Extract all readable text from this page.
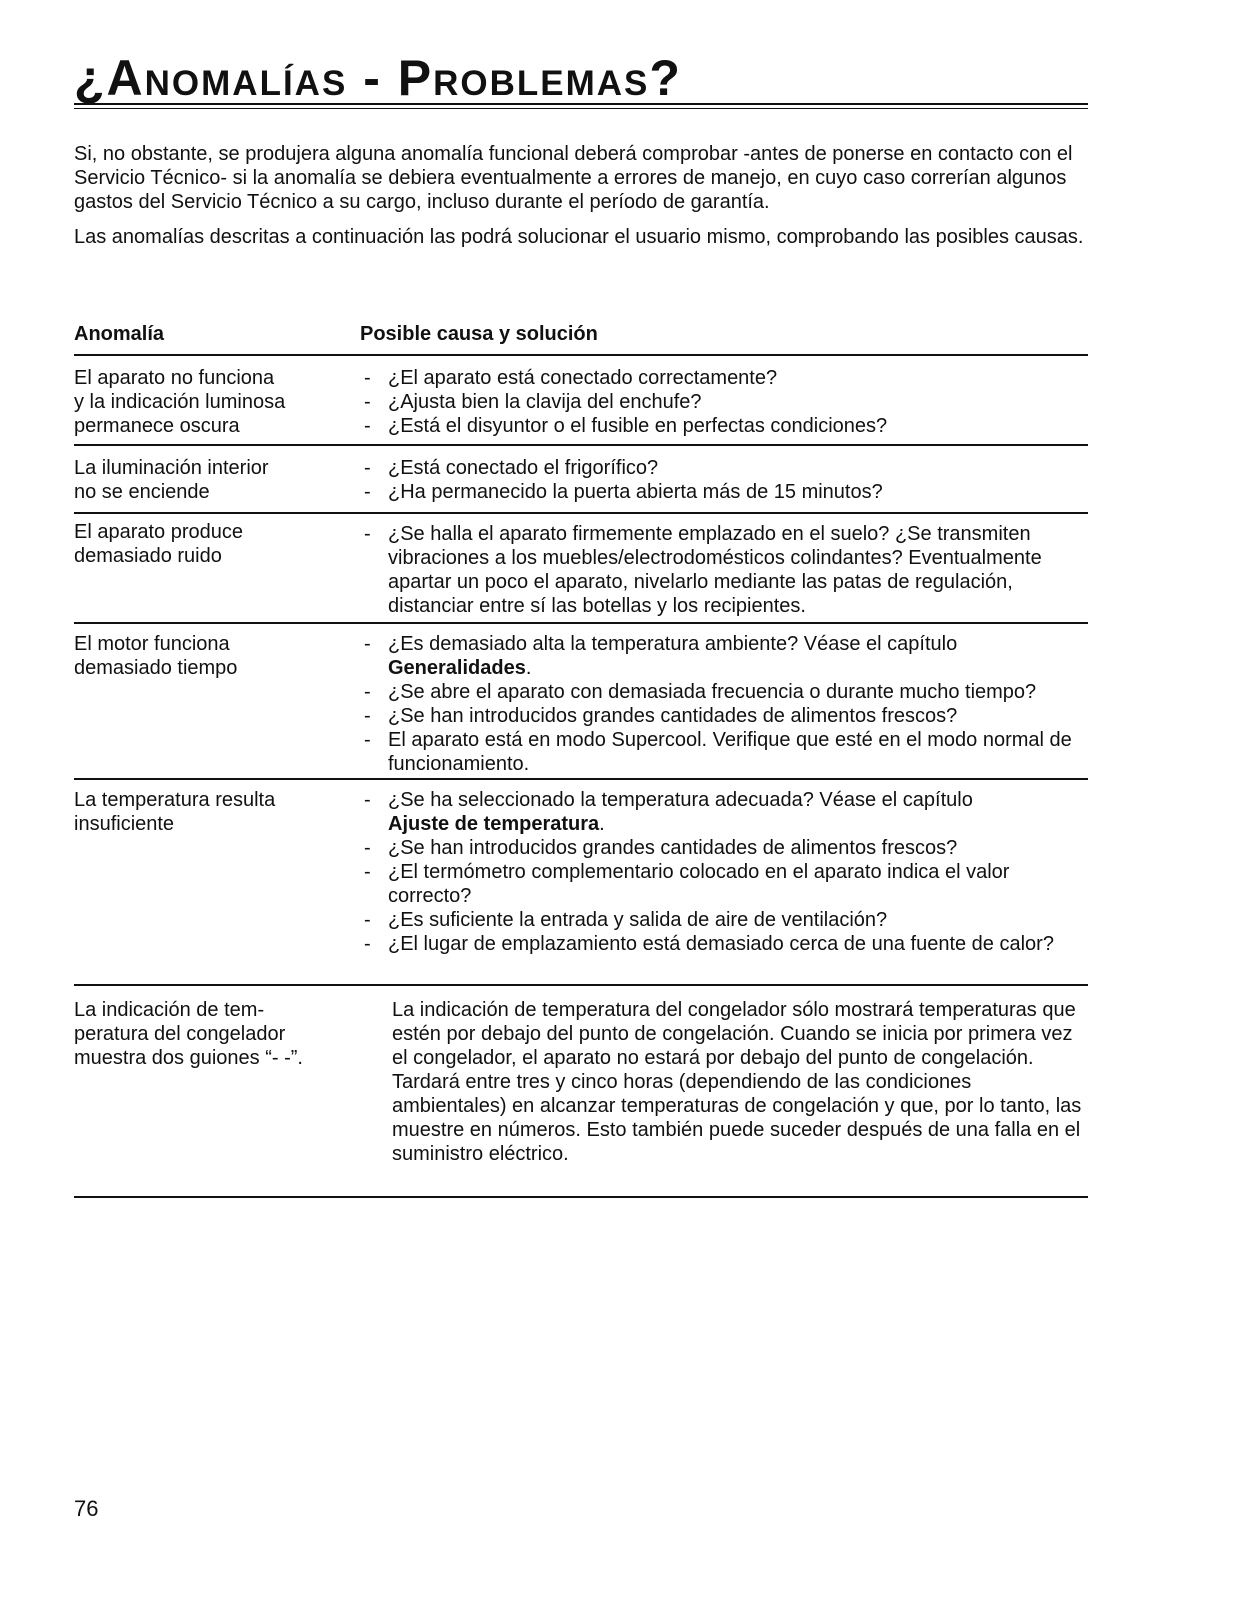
¿Anomalías - Problemas?

Si, no obstante, se produjera alguna anomalía funcional deberá comprobar -antes de ponerse en contacto con el Servicio Técnico- si la anomalía se debiera eventualmente a errores de manejo, en cuyo caso correrían algunos gastos del Servicio Técnico a su cargo, incluso durante el período de garantía.

Las anomalías descritas a continuación las podrá solucionar el usuario mismo, comprobando las posibles causas.

Anomalía	Posible causa y solución
El aparato no funciona
y la indicación luminosa
permanece oscura
- ¿El aparato está conectado correctamente?
- ¿Ajusta bien la clavija del enchufe?
- ¿Está el disyuntor o el fusible en perfectas condiciones?
La iluminación interior
no se enciende
- ¿Está conectado el frigorífico?
- ¿Ha permanecido la puerta abierta más de 15 minutos?
El aparato produce
demasiado ruido
- ¿Se halla el aparato firmemente emplazado en el suelo? ¿Se transmiten vibraciones a los muebles/electrodomésticos colindantes? Eventualmente apartar un poco el aparato, nivelarlo mediante las patas de regulación, distanciar entre sí las botellas y los recipientes.
El motor funciona
demasiado tiempo
- ¿Es demasiado alta la temperatura ambiente? Véase el capítulo
Generalidades.
- ¿Se abre el aparato con demasiada frecuencia o durante mucho tiempo?
- ¿Se han introducidos grandes cantidades de alimentos frescos?
- El aparato está en modo Supercool. Verifique que esté en el modo normal de funcionamiento.
La temperatura resulta
insuficiente
- ¿Se ha seleccionado la temperatura adecuada? Véase el capítulo
Ajuste de temperatura.
- ¿Se han introducidos grandes cantidades de alimentos frescos?
- ¿El termómetro complementario colocado en el aparato indica el valor correcto?
- ¿Es suficiente la entrada y salida de aire de ventilación?
- ¿El lugar de emplazamiento está demasiado cerca de una fuente de calor?
La indicación de tem-
peratura del congelador
muestra dos guiones “- -”.
La indicación de temperatura del congelador sólo mostrará temperaturas que estén por debajo del punto de congelación. Cuando se inicia por primera vez el congelador, el aparato no estará por debajo del punto de congelación. Tardará entre tres y cinco horas (dependiendo de las condiciones ambientales) en alcanzar temperaturas de congelación y que, por lo tanto, las muestre en números. Esto también puede suceder después de una falla en el suministro eléctrico.
76
